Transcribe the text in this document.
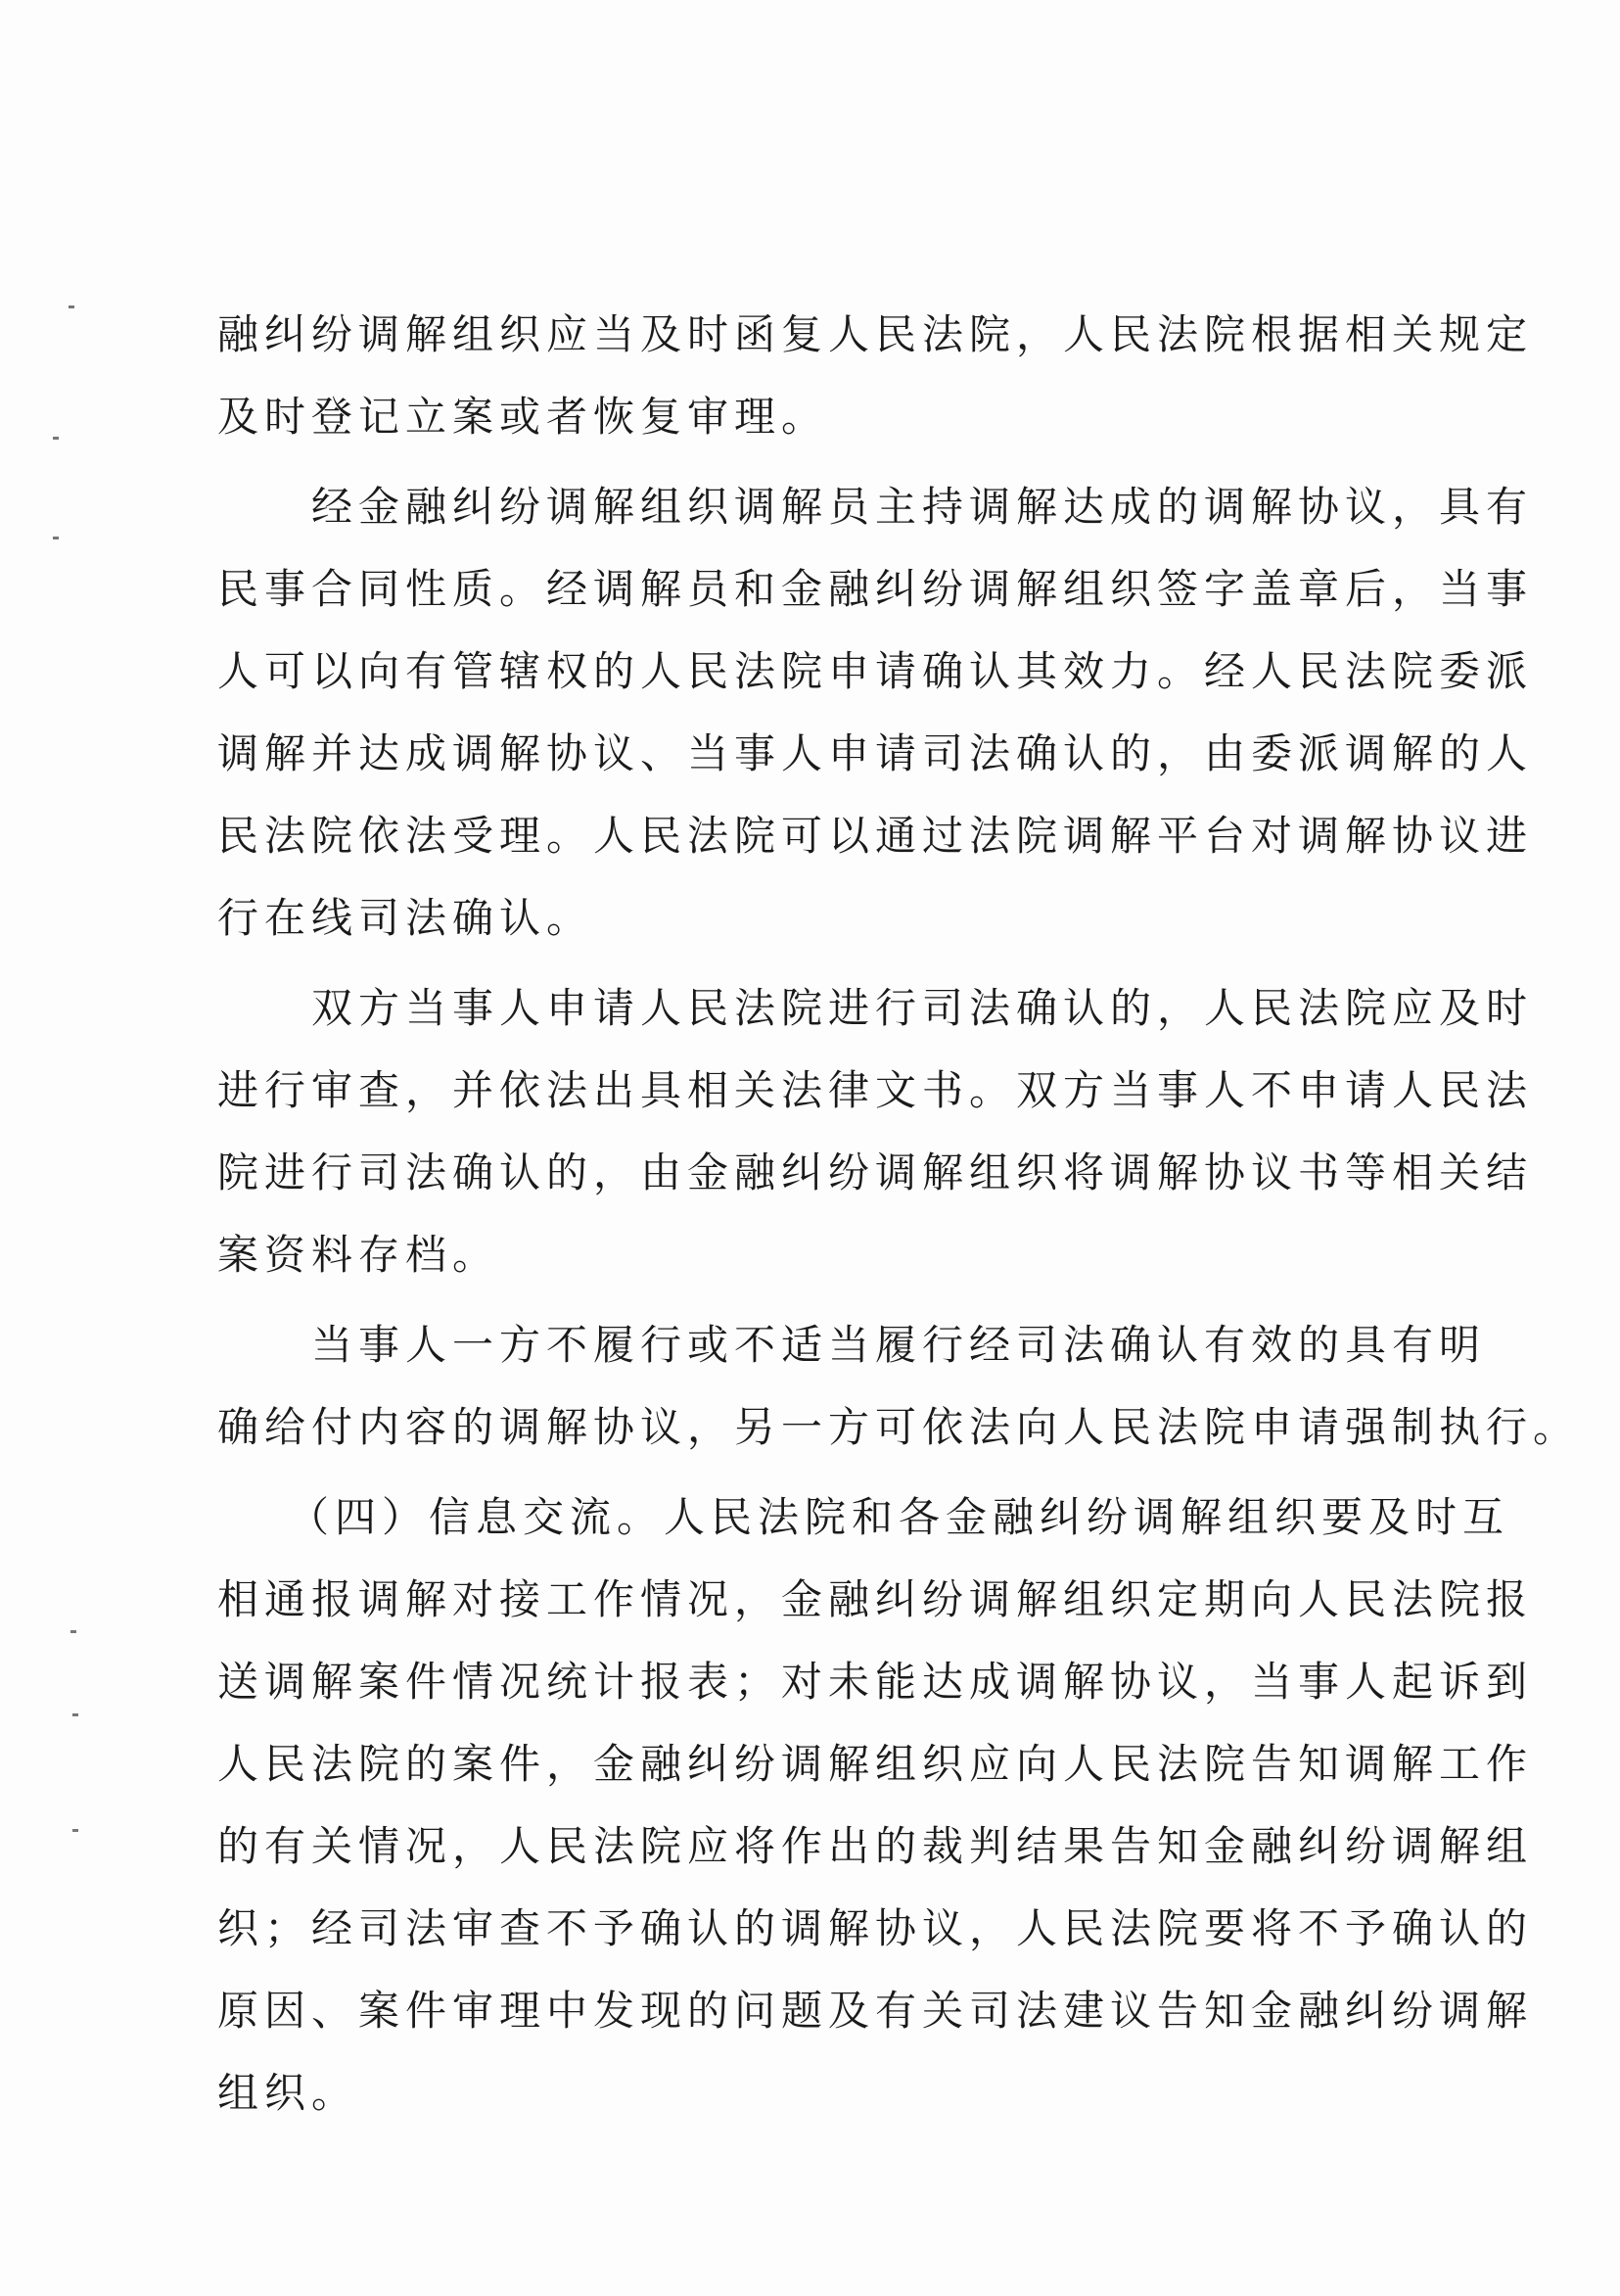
融纠纷调解组织应当及时函复人民法院，人民法院根据相关规定
及时登记立案或者恢复审理。
经金融纠纷调解组织调解员主持调解达成的调解协议，具有
民事合同性质。经调解员和金融纠纷调解组织签字盖章后，当事
人可以向有管辖权的人民法院申请确认其效力。经人民法院委派
调解并达成调解协议、当事人申请司法确认的，由委派调解的人
民法院依法受理。人民法院可以通过法院调解平台对调解协议进
行在线司法确认。
双方当事人申请人民法院进行司法确认的，人民法院应及时
进行审查，并依法出具相关法律文书。双方当事人不申请人民法
院进行司法确认的，由金融纠纷调解组织将调解协议书等相关结
案资料存档。
当事人一方不履行或不适当履行经司法确认有效的具有明
确给付内容的调解协议，另一方可依法向人民法院申请强制执行。
（四）信息交流。人民法院和各金融纠纷调解组织要及时互
相通报调解对接工作情况，金融纠纷调解组织定期向人民法院报
送调解案件情况统计报表；对未能达成调解协议，当事人起诉到
人民法院的案件，金融纠纷调解组织应向人民法院告知调解工作
的有关情况，人民法院应将作出的裁判结果告知金融纠纷调解组
织；经司法审查不予确认的调解协议，人民法院要将不予确认的
原因、案件审理中发现的问题及有关司法建议告知金融纠纷调解
组织。
